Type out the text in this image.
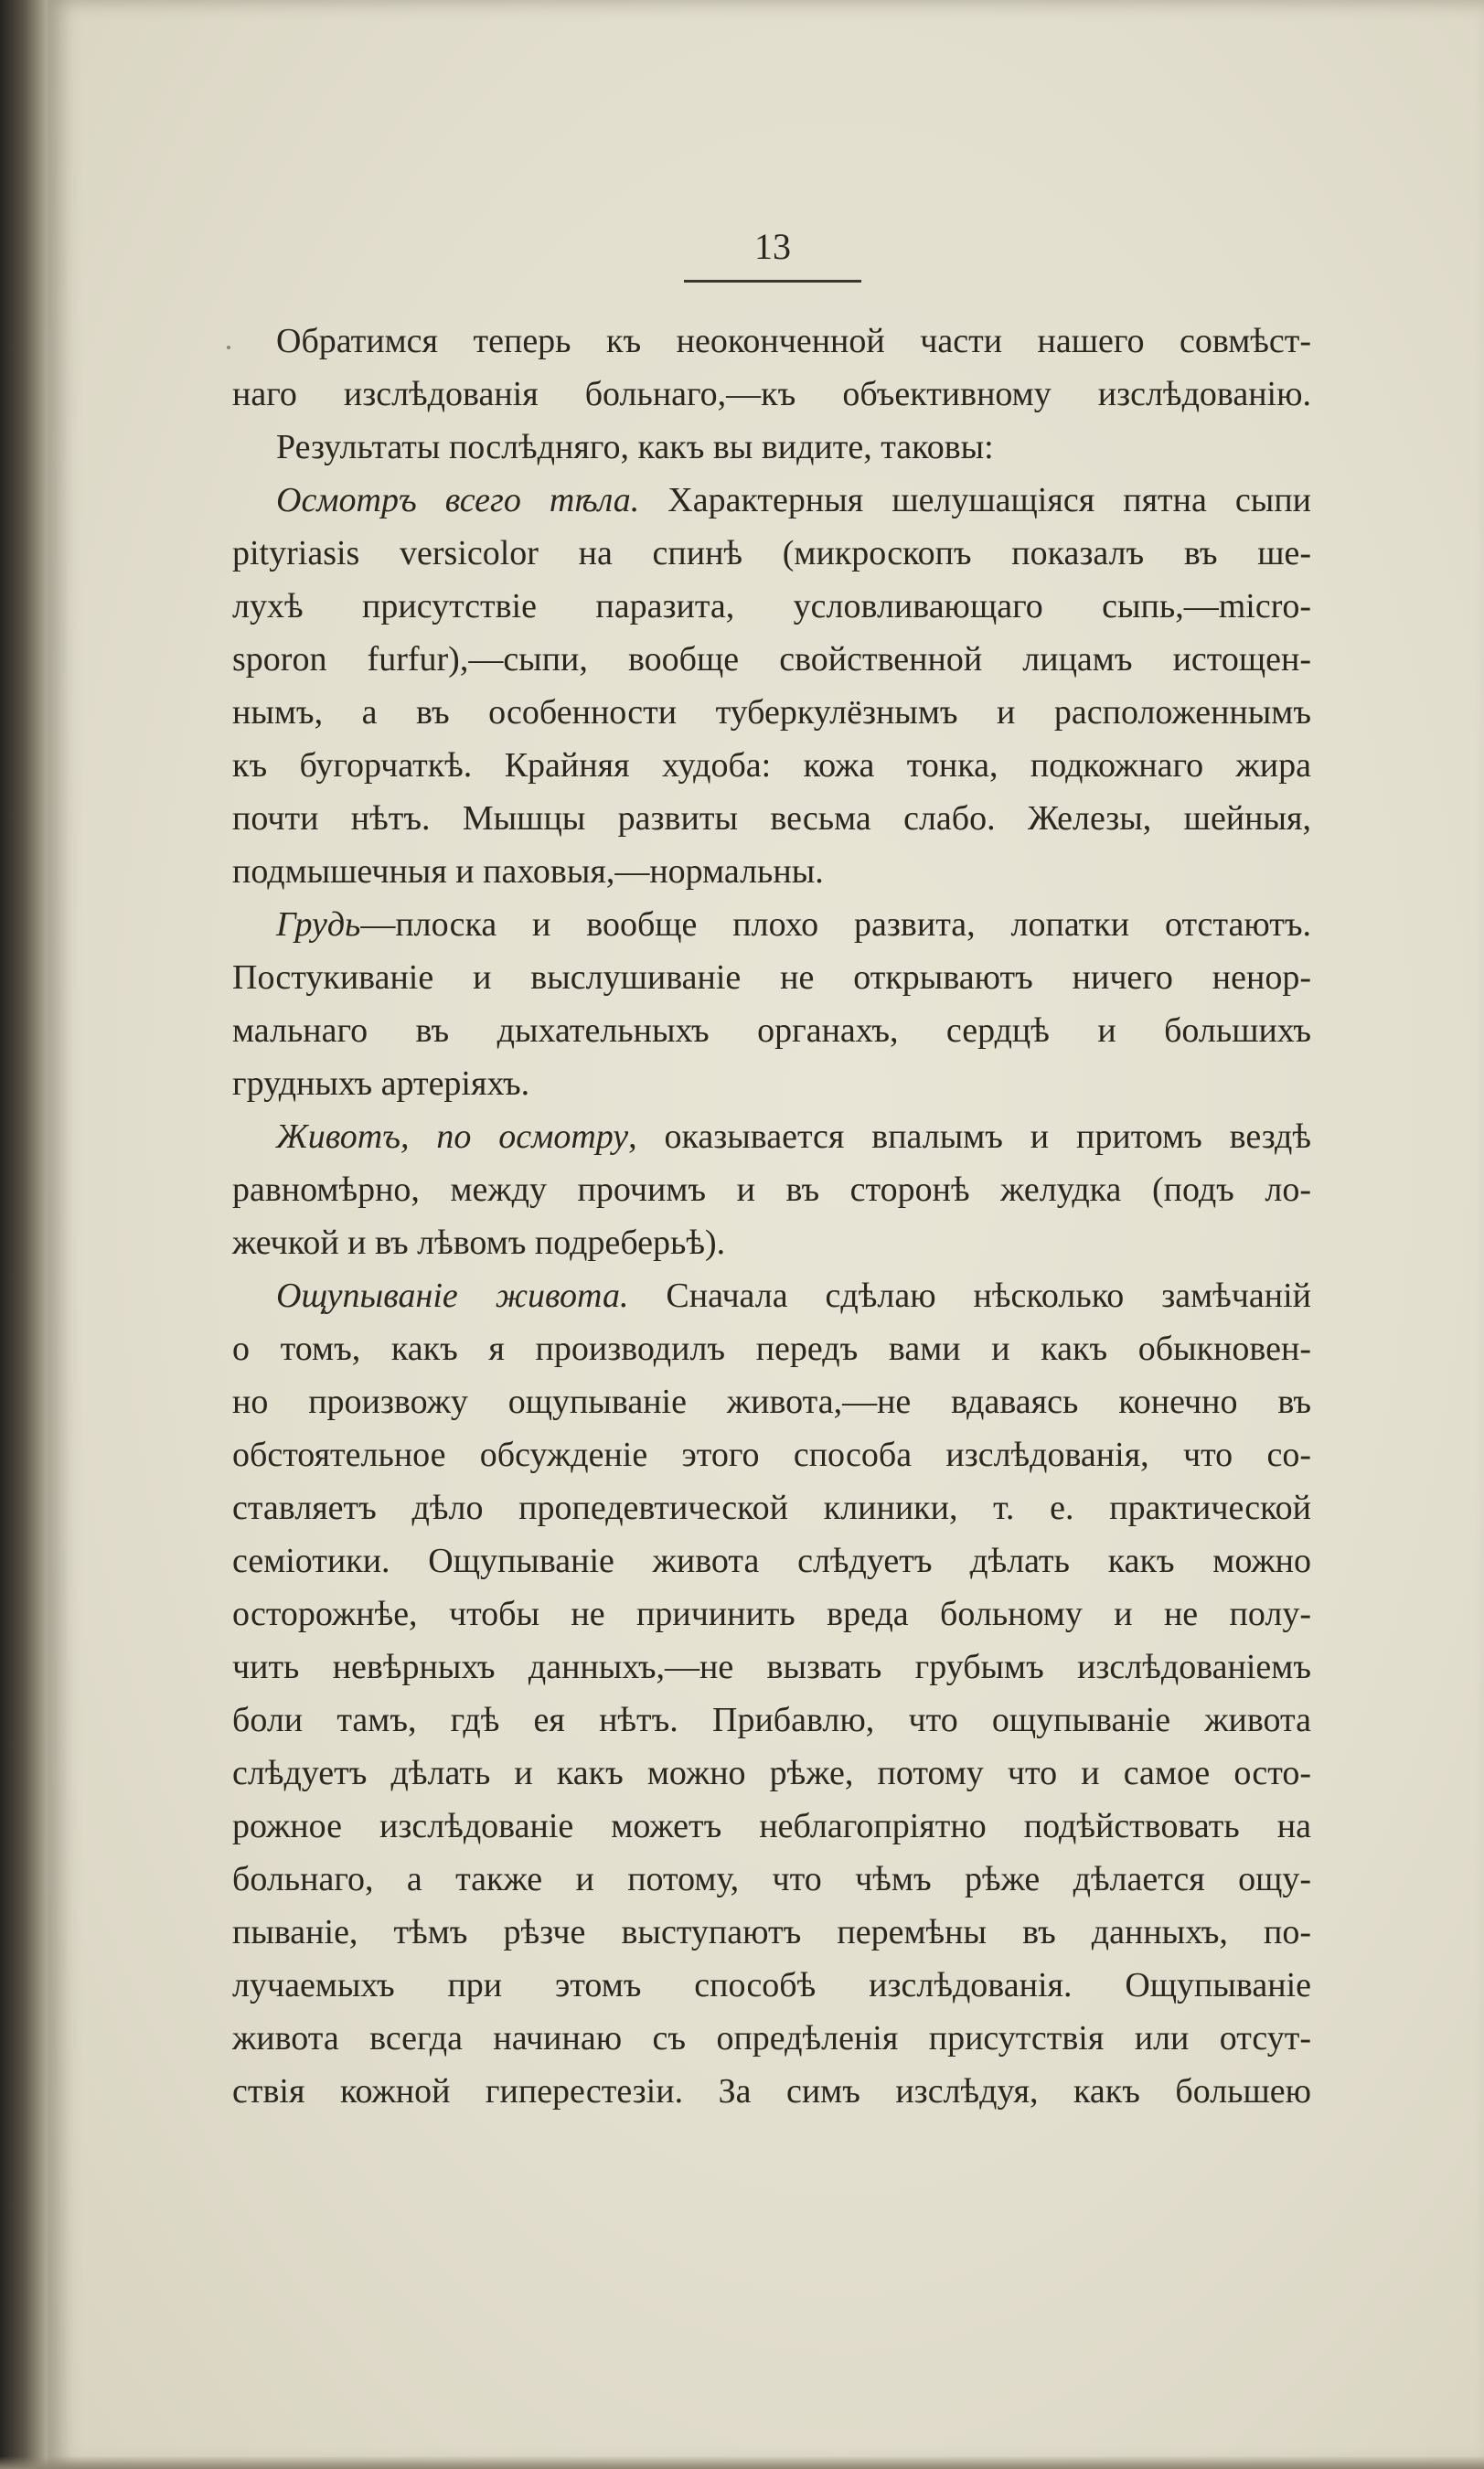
13
Обратимся теперь къ неоконченной части нашего совмѣст-
наго изслѣдованія больнаго,—къ объективному изслѣдованію.
Результаты послѣдняго, какъ вы видите, таковы:
Осмотръ всего тѣла. Характерныя шелушащіяся пятна сыпи
pityriasis versicolor на спинѣ (микроскопъ показалъ въ ше-
лухѣ присутствіе паразита, условливающаго сыпь,—micro-
sporon furfur),—сыпи, вообще свойственной лицамъ истощен-
нымъ, а въ особенности туберкулёзнымъ и расположеннымъ
къ бугорчаткѣ. Крайняя худоба: кожа тонка, подкожнаго жира
почти нѣтъ. Мышцы развиты весьма слабо. Железы, шейныя,
подмышечныя и паховыя,—нормальны.
Грудь—плоска и вообще плохо развита, лопатки отстаютъ.
Постукиваніе и выслушиваніе не открываютъ ничего ненор-
мальнаго въ дыхательныхъ органахъ, сердцѣ и большихъ
грудныхъ артеріяхъ.
Животъ, по осмотру, оказывается впалымъ и притомъ вездѣ
равномѣрно, между прочимъ и въ сторонѣ желудка (подъ ло-
жечкой и въ лѣвомъ подреберьѣ).
Ощупываніе живота. Сначала сдѣлаю нѣсколько замѣчаній
о томъ, какъ я производилъ передъ вами и какъ обыкновен-
но произвожу ощупываніе живота,—не вдаваясь конечно въ
обстоятельное обсужденіе этого способа изслѣдованія, что со-
ставляетъ дѣло пропедевтической клиники, т. е. практической
семіотики. Ощупываніе живота слѣдуетъ дѣлать какъ можно
осторожнѣе, чтобы не причинить вреда больному и не полу-
чить невѣрныхъ данныхъ,—не вызвать грубымъ изслѣдованіемъ
боли тамъ, гдѣ ея нѣтъ. Прибавлю, что ощупываніе живота
слѣдуетъ дѣлать и какъ можно рѣже, потому что и самое осто-
рожное изслѣдованіе можетъ неблагопріятно подѣйствовать на
больнаго, а также и потому, что чѣмъ рѣже дѣлается ощу-
пываніе, тѣмъ рѣзче выступаютъ перемѣны въ данныхъ, по-
лучаемыхъ при этомъ способѣ изслѣдованія. Ощупываніе
живота всегда начинаю съ опредѣленія присутствія или отсут-
ствія кожной гиперестезіи. За симъ изслѣдуя, какъ большею
